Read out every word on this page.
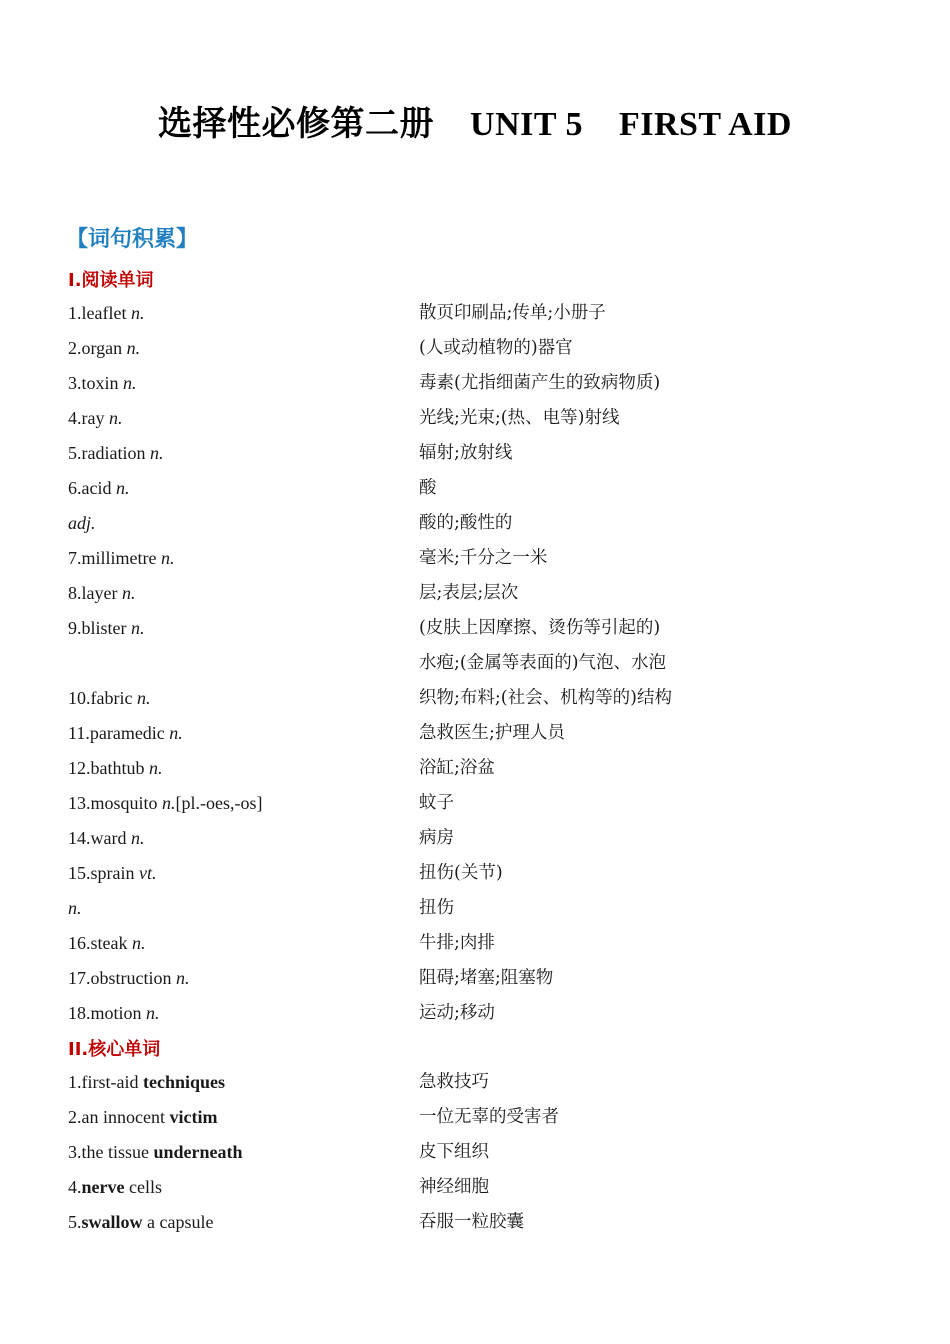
选择性必修第二册    UNIT 5    FIRST AID
【词句积累】
I.阅读单词
1.leaflet n.	散页印刷品;传单;小册子
2.organ n.	(人或动植物的)器官
3.toxin n.	毒素(尤指细菌产生的致病物质)
4.ray n.	光线;光束;(热、电等)射线
5.radiation n.	辐射;放射线
6.acid n.	酸
adj.	酸的;酸性的
7.millimetre n.	毫米;千分之一米
8.layer n.	层;表层;层次
9.blister n.	(皮肤上因摩擦、烫伤等引起的)
水疱;(金属等表面的)气泡、水泡
10.fabric n.	织物;布料;(社会、机构等的)结构
11.paramedic n.	急救医生;护理人员
12.bathtub n.	浴缸;浴盆
13.mosquito n.[pl.-oes,-os]	蚊子
14.ward n.	病房
15.sprain vt.	扭伤(关节)
n.	扭伤
16.steak n.	牛排;肉排
17.obstruction n.	阻碍;堵塞;阻塞物
18.motion n.	运动;移动
II.核心单词
1.first-aid techniques	急救技巧
2.an innocent victim	一位无辜的受害者
3.the tissue underneath	皮下组织
4.nerve cells	神经细胞
5.swallow a capsule	吞服一粒胶囊
